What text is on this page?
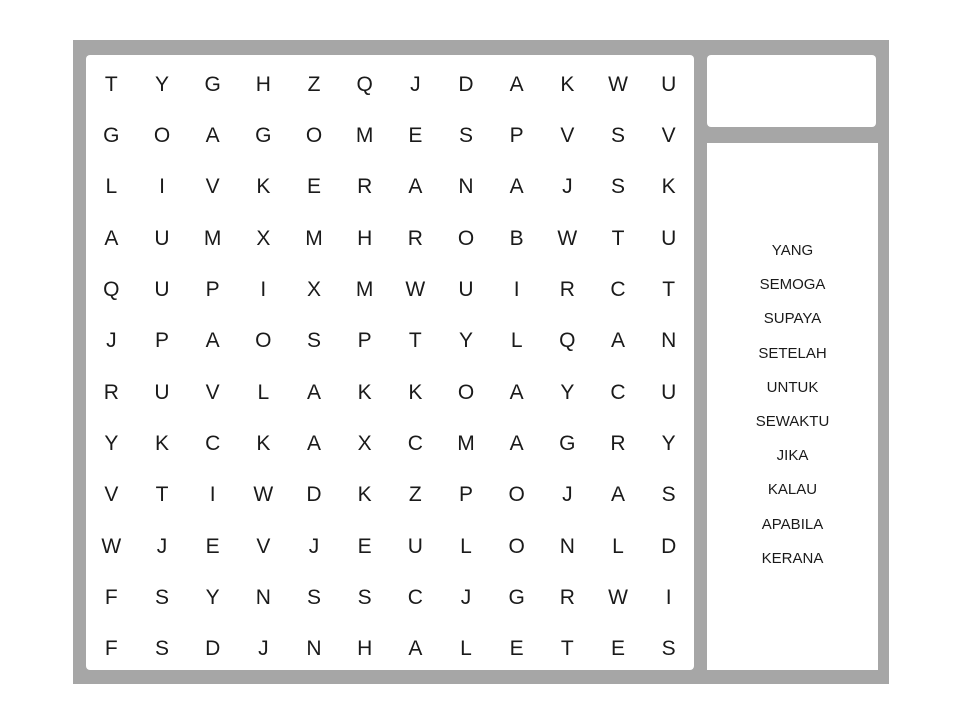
T	Y	G	H	Z	Q	J	D	A	K	W	U
G	O	A	G	O	M	E	S	P	V	S	V
L	I	V	K	E	R	A	N	A	J	S	K
A	U	M	X	M	H	R	O	B	W	T	U
Q	U	P	I	X	M	W	U	I	R	C	T
J	P	A	O	S	P	T	Y	L	Q	A	N
R	U	V	L	A	K	K	O	A	Y	C	U
Y	K	C	K	A	X	C	M	A	G	R	Y
V	T	I	W	D	K	Z	P	O	J	A	S
W	J	E	V	J	E	U	L	O	N	L	D
F	S	Y	N	S	S	C	J	G	R	W	I
F	S	D	J	N	H	A	L	E	T	E	S
YANG
SEMOGA
SUPAYA
SETELAH
UNTUK
SEWAKTU
JIKA
KALAU
APABILA
KERANA
